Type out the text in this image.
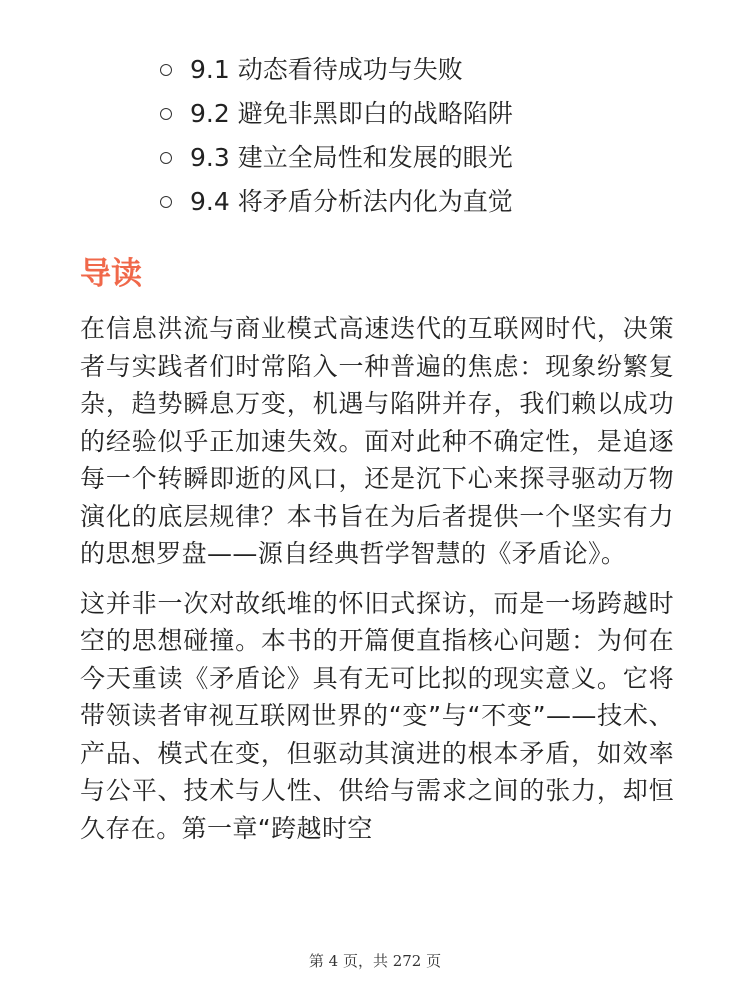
9.1 动态看待成功与失败
9.2 避免非黑即白的战略陷阱
9.3 建立全局性和发展的眼光
9.4 将矛盾分析法内化为直觉
导读

在信息洪流与商业模式高速迭代的互联网时代，决策者与实践者们时常陷入一种普遍的焦虑：现象纷繁复杂，趋势瞬息万变，机遇与陷阱并存，我们赖以成功的经验似乎正加速失效。面对此种不确定性，是追逐每一个转瞬即逝的风口，还是沉下心来探寻驱动万物演化的底层规律？本书旨在为后者提供一个坚实有力的思想罗盘——源自经典哲学智慧的《矛盾论》。

这并非一次对故纸堆的怀旧式探访，而是一场跨越时空的思想碰撞。本书的开篇便直指核心问题：为何在今天重读《矛盾论》具有无可比拟的现实意义。它将带领读者审视互联网世界的“变”与“不变”——技术、产品、模式在变，但驱动其演进的根本矛盾，如效率与公平、技术与人性、供给与需求之间的张力，却恒久存在。第一章“跨越时空

第 4 页，共 272 页
